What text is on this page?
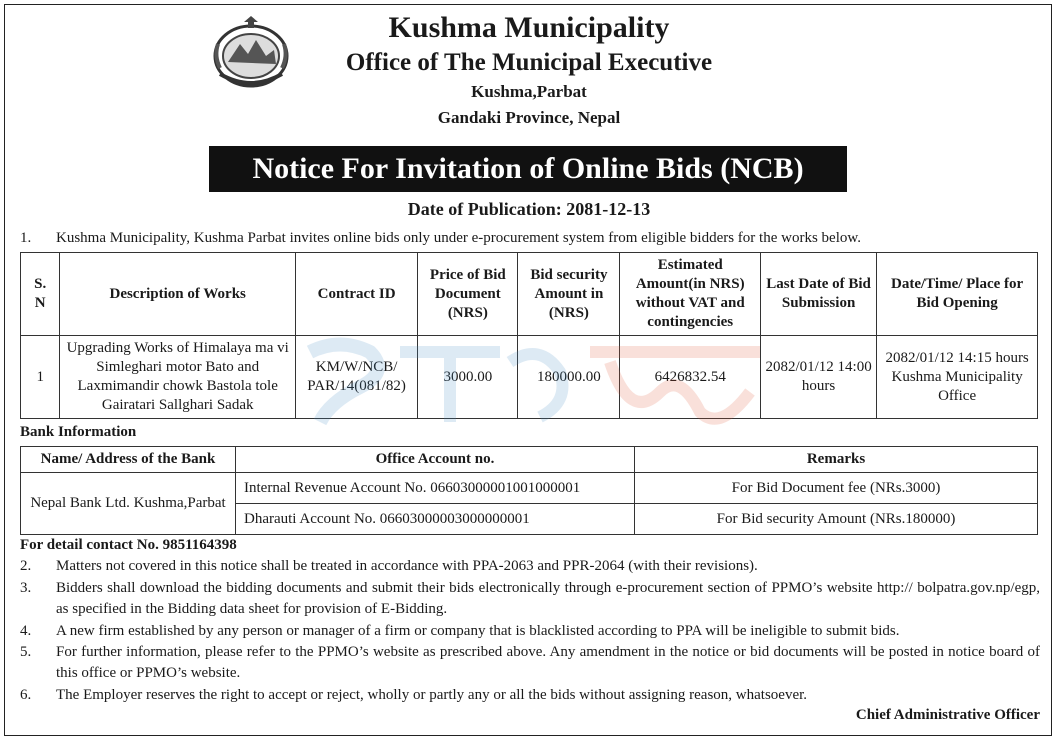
Kushma Municipality
Office of The Municipal Executive
Kushma,Parbat
Gandaki Province, Nepal
Notice For Invitation of Online Bids (NCB)
Date of Publication: 2081-12-13
1. Kushma Municipality, Kushma Parbat invites online bids only under e-procurement system from eligible bidders for the works below.
S.
N	Description of Works	Contract ID	Price of Bid Document (NRS)	Bid security Amount in (NRS)	Estimated Amount(in NRS) without VAT and contingencies	Last Date of Bid Submission	Date/Time/ Place for Bid Opening
1	Upgrading Works of Himalaya ma vi Simleghari motor Bato and Laxmimandir chowk Bastola tole Gairatari Sallghari Sadak	KM/W/NCB/ PAR/14(081/82)	3000.00	180000.00	6426832.54	2082/01/12 14:00 hours	2082/01/12 14:15 hours Kushma Municipality Office
Bank Information
Name/ Address of the Bank	Office Account no.	Remarks
Nepal Bank Ltd. Kushma,Parbat	Internal Revenue Account No. 06603000001001000001	For Bid Document fee (NRs.3000)
	Dharauti Account No. 06603000003000000001	For Bid security Amount (NRs.180000)
For detail contact No. 9851164398
2. Matters not covered in this notice shall be treated in accordance with PPA-2063 and PPR-2064 (with their revisions).
3. Bidders shall download the bidding documents and submit their bids electronically through e-procurement section of PPMO’s website http:// bolpatra.gov.np/egp, as specified in the Bidding data sheet for provision of E-Bidding.
4. A new firm established by any person or manager of a firm or company that is blacklisted according to PPA will be ineligible to submit bids.
5. For further information, please refer to the PPMO’s website as prescribed above. Any amendment in the notice or bid documents will be posted in notice board of this office or PPMO’s website.
6. The Employer reserves the right to accept or reject, wholly or partly any or all the bids without assigning reason, whatsoever.
Chief Administrative Officer
